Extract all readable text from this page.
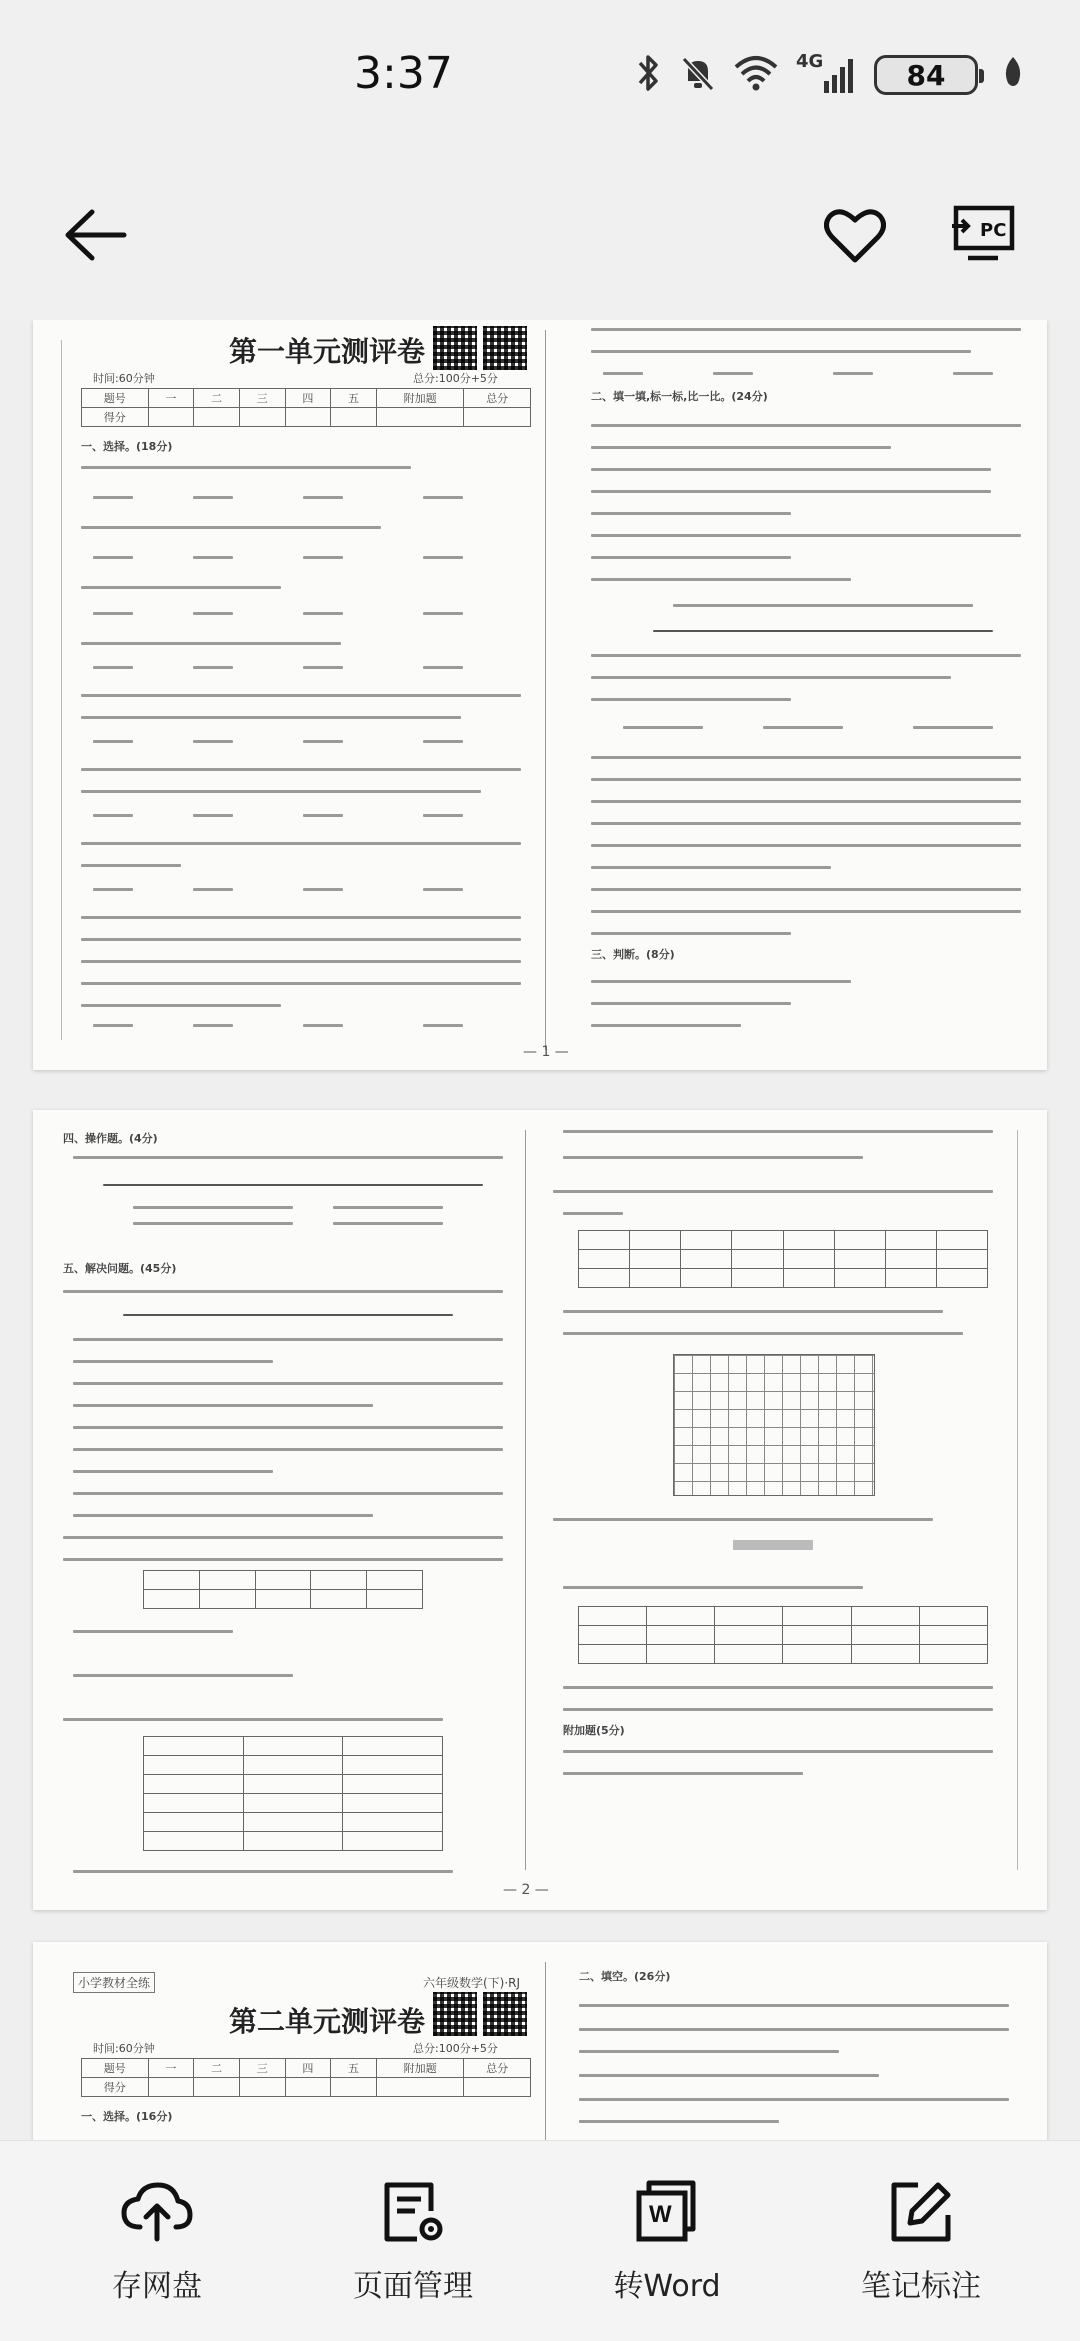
3:37	4G	84
PC
第一单元测评卷
时间:60分钟	总分:100分+5分
题号	一	二	三	四	五	附加题	总分
得分							
一、选择。(18分)
二、填一填,标一标,比一比。(24分)
三、判断。(8分)
— 1 —
四、操作题。(4分)
五、解决问题。(45分)

附加题(5分)
— 2 —
小学教材全练	六年级数学(下)·RJ
第二单元测评卷
时间:60分钟	总分:100分+5分
题号	一	二	三	四	五	附加题	总分
得分							
一、选择。(16分)
二、填空。(26分)
存网盘	页面管理
W
转Word	笔记标注
